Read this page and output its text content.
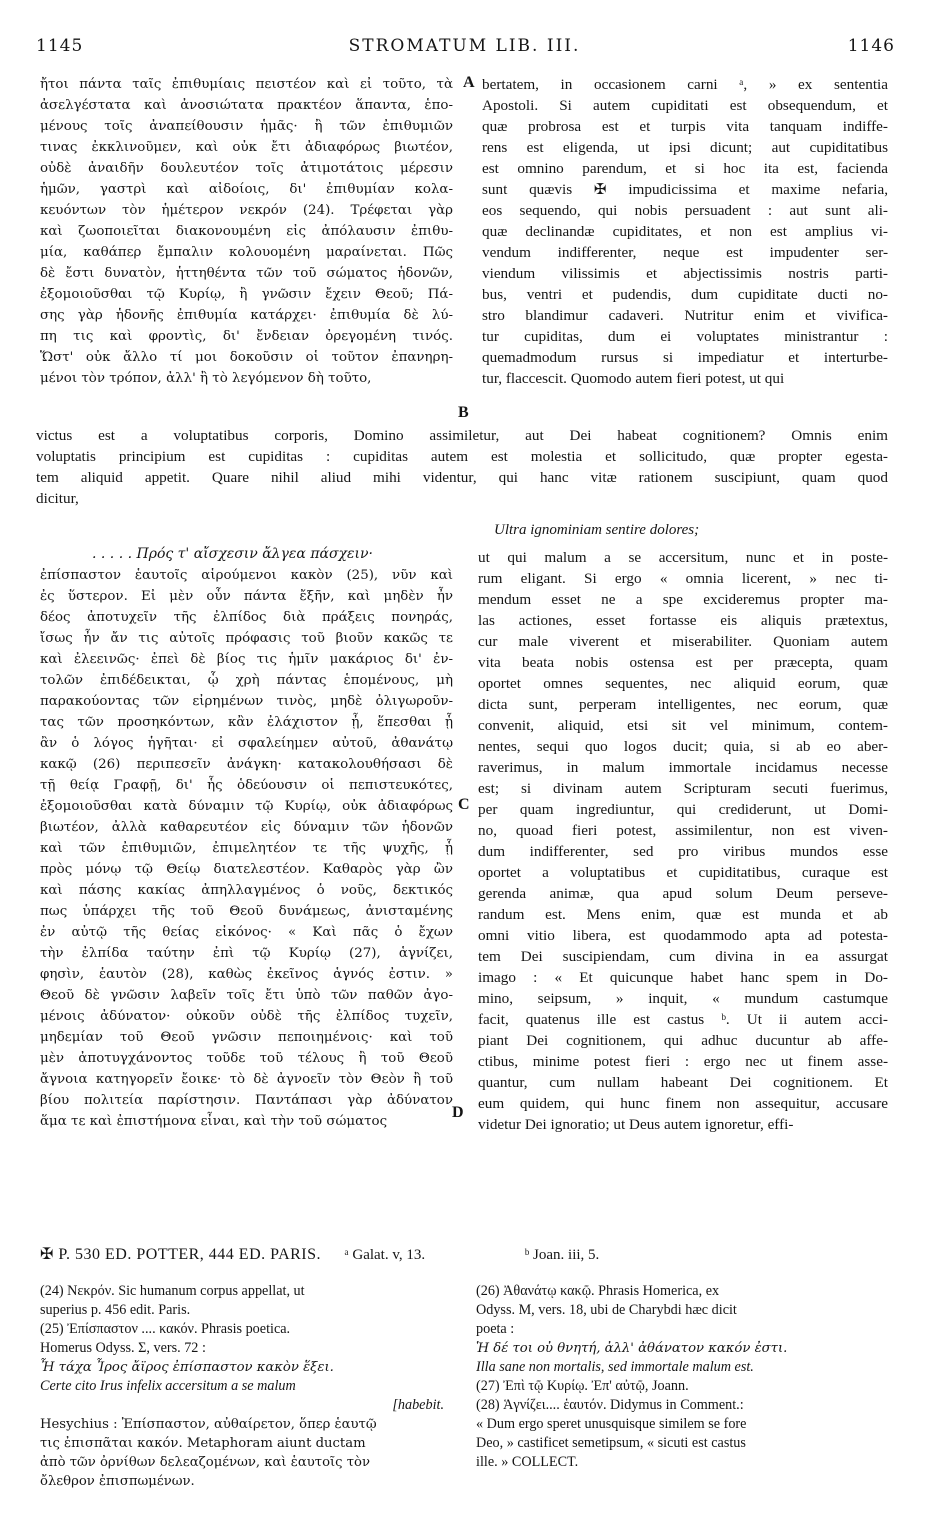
1145	STROMATUM LIB. III.	1146
ἤτοι πάντα ταῖς ἐπιθυμίαις πειστέον καὶ εἰ τοῦτο, τὰ
ἀσελγέστατα καὶ ἀνοσιώτατα πρακτέον ἅπαντα, ἑπο-
μένους τοῖς ἀναπείθουσιν ἡμᾶς· ἢ τῶν ἐπιθυμιῶν
τινας ἐκκλινοῦμεν, καὶ οὐκ ἔτι ἀδιαφόρως βιωτέον,
οὐδὲ ἀναιδῆν δουλευτέον τοῖς ἀτιμοτάτοις μέρεσιν
ἡμῶν, γαστρὶ καὶ αἰδοίοις, δι' ἐπιθυμίαν κολα-
κευόντων τὸν ἡμέτερον νεκρόν (24). Τρέφεται γὰρ
καὶ ζωοποιεῖται διακονουμένη εἰς ἀπόλαυσιν ἐπιθυ-
μία, καθάπερ ἔμπαλιν κολουομένη μαραίνεται. Πῶς
δὲ ἔστι δυνατὸν, ἡττηθέντα τῶν τοῦ σώματος ἡδονῶν,
ἐξομοιοῦσθαι τῷ Κυρίῳ, ἢ γνῶσιν ἔχειν Θεοῦ; Πά-
σης γὰρ ἡδονῆς ἐπιθυμία κατάρχει· ἐπιθυμία δὲ λύ-
πη τις καὶ φροντὶς, δι' ἔνδειαν ὀρεγομένη τινός.
Ὥστ' οὐκ ἄλλο τί μοι δοκοῦσιν οἱ τοῦτον ἐπανηρη-
μένοι τὸν τρόπον, ἀλλ' ἢ τὸ λεγόμενον δὴ τοῦτο,
A bertatem, in occasionem carni ᵃ, » ex sententia
Apostoli. Si autem cupiditati est obsequendum, et
quæ probrosa est et turpis vita tanquam indiffe-
rens est eligenda, ut ipsi dicunt; aut cupiditatibus
est omnino parendum, et si hoc ita est, facienda
sunt quævis ✠ impudicissima et maxime nefaria,
eos sequendo, qui nobis persuadent : aut sunt ali-
quæ declinandæ cupiditates, et non est amplius vi-
vendum indifferenter, neque est impudenter ser-
viendum vilissimis et abjectissimis nostris parti-
bus, ventri et pudendis, dum cupiditate ducti no-
stro blandimur cadaveri. Nutritur enim et vivifica-
tur cupiditas, dum ei voluptates ministrantur :
quemadmodum rursus si impediatur et interturbe-
tur, flaccescit. Quomodo autem fieri potest, ut qui
B
victus est a voluptatibus corporis, Domino assimiletur, aut Dei habeat cognitionem? Omnis enim
voluptatis principium est cupiditas : cupiditas autem est molestia et sollicitudo, quæ propter egesta-
tem aliquid appetit. Quare nihil aliud mihi videntur, qui hanc vitæ rationem suscipiunt, quam quod
dicitur,
. . . . . Πρός τ' αἴσχεσιν ἄλγεα πάσχειν·
Ultra ignominiam sentire dolores;
ἐπίσπαστον ἑαυτοῖς αἱρούμενοι κακὸν (25), νῦν καὶ
ἐς ὕστερον. Εἰ μὲν οὖν πάντα ἔξῆν, καὶ μηδὲν ἦν
δέος ἀποτυχεῖν τῆς ἐλπίδος διὰ πράξεις πονηράς,
ἴσως ἦν ἄν τις αὐτοῖς πρόφασις τοῦ βιοῦν κακῶς τε
καὶ ἐλεεινῶς· ἐπεὶ δὲ βίος τις ἡμῖν μακάριος δι' ἐν-
τολῶν ἐπιδέδεικται, ᾧ χρὴ πάντας ἑπομένους, μὴ
παρακούοντας τῶν εἰρημένων τινὸς, μηδὲ ὀλιγωροῦν-
τας τῶν προσηκόντων, κἂν ἐλάχιστον ᾖ, ἕπεσθαι ᾗ
ἂν ὁ λόγος ἡγῆται· εἰ σφαλείημεν αὐτοῦ, ἀθανάτῳ
κακῷ (26) περιπεσεῖν ἀνάγκη· κατακολουθήσασι δὲ
τῇ θείᾳ Γραφῇ, δι' ἧς ὁδεύουσιν οἱ πεπιστευκότες,
ἐξομοιοῦσθαι κατὰ δύναμιν τῷ Κυρίῳ, οὐκ ἀδιαφόρως
βιωτέον, ἀλλὰ καθαρευτέον εἰς δύναμιν τῶν ἡδονῶν
καὶ τῶν ἐπιθυμιῶν, ἐπιμελητέον τε τῆς ψυχῆς, ᾗ
πρὸς μόνῳ τῷ Θείῳ διατελεστέον. Καθαρὸς γὰρ ὢν
καὶ πάσης κακίας ἀπηλλαγμένος ὁ νοῦς, δεκτικός
πως ὑπάρχει τῆς τοῦ Θεοῦ δυνάμεως, ἀνισταμένης
ἐν αὐτῷ τῆς θείας εἰκόνος· « Καὶ πᾶς ὁ ἔχων
τὴν ἐλπίδα ταύτην ἐπὶ τῷ Κυρίῳ (27), ἁγνίζει,
φησὶν, ἑαυτὸν (28), καθὼς ἐκεῖνος ἁγνός ἐστιν. »
Θεοῦ δὲ γνῶσιν λαβεῖν τοῖς ἔτι ὑπὸ τῶν παθῶν ἀγο-
μένοις ἀδύνατον· οὐκοῦν οὐδὲ τῆς ἐλπίδος τυχεῖν,
μηδεμίαν τοῦ Θεοῦ γνῶσιν πεποιημένοις· καὶ τοῦ
μὲν ἀποτυγχάνοντος τοῦδε τοῦ τέλους ἢ τοῦ Θεοῦ
ἄγνοια κατηγορεῖν ἔοικε· τὸ δὲ ἀγνοεῖν τὸν Θεὸν ἢ τοῦ
βίου πολιτεία παρίστησιν. Παντάπασι γὰρ ἀδύνατον
ἅμα τε καὶ ἐπιστήμονα εἶναι, καὶ τὴν τοῦ σώματος
C
D
ut qui malum a se accersitum, nunc et in poste-
rum eligant. Si ergo « omnia licerent, » nec ti-
mendum esset ne a spe excideremus propter ma-
las actiones, esset fortasse eis aliquis prætextus,
cur male viverent et miserabiliter. Quoniam autem
vita beata nobis ostensa est per præcepta, quam
oportet omnes sequentes, nec aliquid eorum, quæ
dicta sunt, perperam intelligentes, nec eorum, quæ
convenit, aliquid, etsi sit vel minimum, contem-
nentes, sequi quo logos ducit; quia, si ab eo aber-
raverimus, in malum immortale incidamus necesse
est; si divinam autem Scripturam secuti fuerimus,
per quam ingrediuntur, qui crediderunt, ut Domi-
no, quoad fieri potest, assimilentur, non est viven-
dum indifferenter, sed pro viribus mundos esse
oportet a voluptatibus et cupiditatibus, curaque est
gerenda animæ, qua apud solum Deum perseve-
randum est. Mens enim, quæ est munda et ab
omni vitio libera, est quodammodo apta ad potesta-
tem Dei suscipiendam, cum divina in ea assurgat
imago : « Et quicunque habet hanc spem in Do-
mino, seipsum, » inquit, « mundum castumque
facit, quatenus ille est castus ᵇ. Ut ii autem acci-
piant Dei cognitionem, qui adhuc ducuntur ab affe-
ctibus, minime potest fieri : ergo nec ut finem asse-
quantur, cum nullam habeant Dei cognitionem. Et
eum quidem, qui hunc finem non assequitur, accusare
videtur Dei ignoratio; ut Deus autem ignoretur, effi-
✠ P. 530 ED. POTTER, 444 ED. PARIS. ᵃ Galat. v, 13.	ᵇ Joan. iii, 5.
(24) Νεκρόν. Sic humanum corpus appellat, ut
superius p. 456 edit. Paris.
(25) Ἐπίσπαστον .... κακόν. Phrasis poetica.
Homerus Odyss. Σ, vers. 72 :
Ἦ τάχα Ἶρος ἄϊρος ἐπίσπαστον κακὸν ἕξει.
Certe cito Irus infelix accersitum a se malum
[habebit.
Hesychius : Ἐπίσπαστον, αὐθαίρετον, ὅπερ ἑαυτῷ
τις ἐπισπᾶται κακόν. Metaphoram aiunt ductam
ἀπὸ τῶν ὀρνίθων δελεαζομένων, καὶ ἑαυτοῖς τὸν
ὄλεθρον ἐπισπωμένων.
(26) Ἀθανάτῳ κακῷ. Phrasis Homerica, ex
Odyss. M, vers. 18, ubi de Charybdi hæc dicit
poeta :
Ἡ δέ τοι οὐ θνητή, ἀλλ' ἀθάνατον κακόν ἐστι.
Illa sane non mortalis, sed immortale malum est.
(27) Ἐπὶ τῷ Κυρίῳ. Ἐπ' αὐτῷ, Joann.
(28) Ἁγνίζει.... ἑαυτόν. Didymus in Comment.:
« Dum ergo speret unusquisque similem se fore
Deo, » castificet semetipsum, « sicuti est castus
ille. » COLLECT.
